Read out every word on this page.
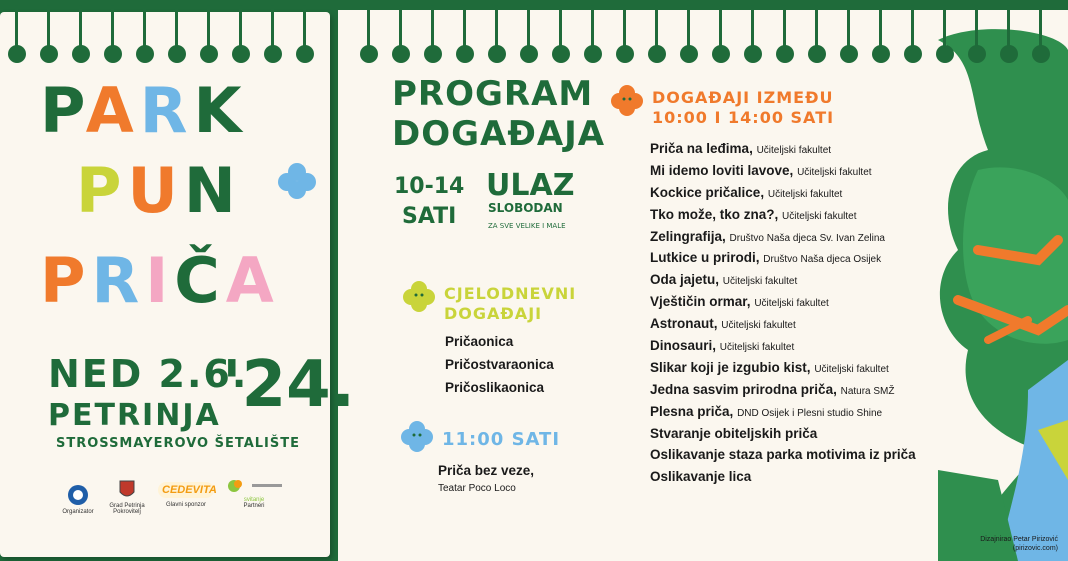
PARK
PUN
PRIČA
NED 2.6.
'24.
PETRINJA
STROSSMAYEROVO ŠETALIŠTE
Organizator
Grad Petrinja
Pokrovitelj
CEDEVITA
Glavni sponzor
svitanje
Partneri
PROGRAM
DOGAĐAJA
10-14
SATI
ULAZ
SLOBODAN
ZA SVE VELIKE I MALE
CJELODNEVNI
DOGAĐAJI
Pričaonica
Pričostvaraonica
Pričoslikaonica
11:00 SATI
Priča bez veze,
Teatar Poco Loco
DOGAĐAJI IZMEĐU
10:00 I 14:00 SATI
Priča na leđima, Učiteljski fakultet
Mi idemo loviti lavove, Učiteljski fakultet
Kockice pričalice, Učiteljski fakultet
Tko može, tko zna?, Učiteljski fakultet
Zelingrafija, Društvo Naša djeca Sv. Ivan Zelina
Lutkice u prirodi, Društvo Naša djeca Osijek
Oda jajetu, Učiteljski fakultet
Vještičin ormar, Učiteljski fakultet
Astronaut, Učiteljski fakultet
Dinosauri, Učiteljski fakultet
Slikar koji je izgubio kist, Učiteljski fakultet
Jedna sasvim prirodna priča, Natura SMŽ
Plesna priča, DND Osijek i Plesni studio Shine
Stvaranje obiteljskih priča
Oslikavanje staza parka motivima iz priča
Oslikavanje lica
Dizajnirao Petar Pirizović
(pirizovic.com)
